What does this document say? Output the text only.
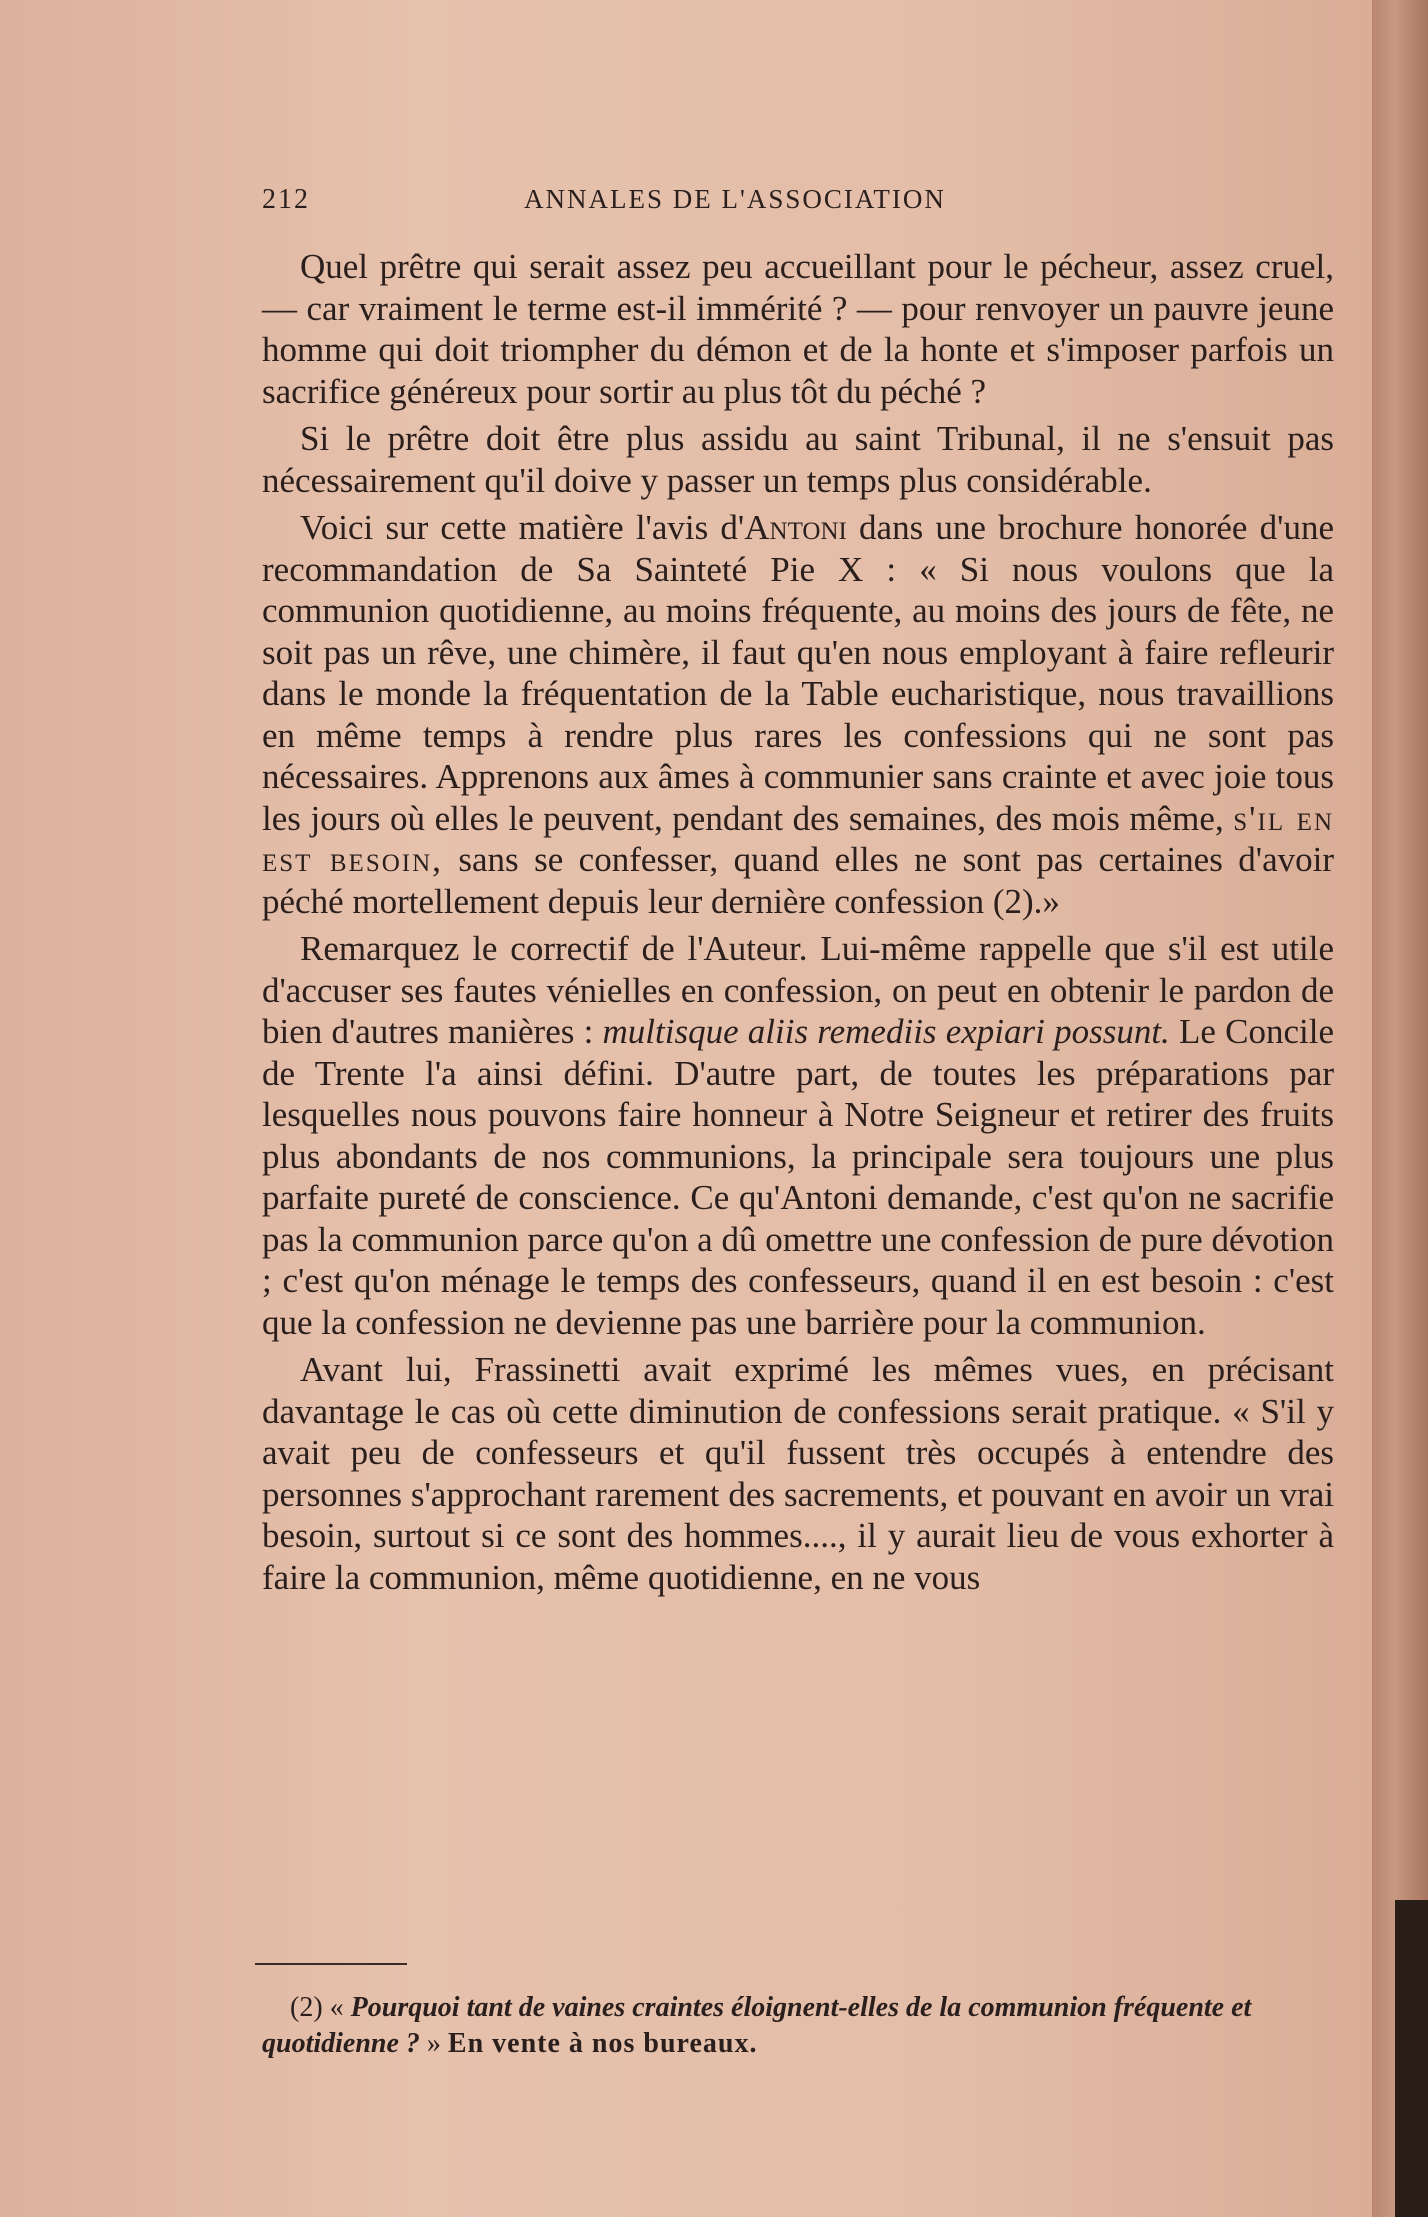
212	ANNALES DE L'ASSOCIATION

Quel prêtre qui serait assez peu accueillant pour le pécheur, assez cruel, — car vraiment le terme est-il immérité ? — pour renvoyer un pauvre jeune homme qui doit triompher du démon et de la honte et s'imposer parfois un sacrifice généreux pour sortir au plus tôt du péché ?

Si le prêtre doit être plus assidu au saint Tribunal, il ne s'ensuit pas nécessairement qu'il doive y passer un temps plus considérable.

Voici sur cette matière l'avis d'Antoni dans une brochure honorée d'une recommandation de Sa Sainteté Pie X : « Si nous voulons que la communion quotidienne, au moins fréquente, au moins des jours de fête, ne soit pas un rêve, une chimère, il faut qu'en nous employant à faire refleurir dans le monde la fréquentation de la Table eucharistique, nous travaillions en même temps à rendre plus rares les confessions qui ne sont pas nécessaires. Apprenons aux âmes à communier sans crainte et avec joie tous les jours où elles le peuvent, pendant des semaines, des mois même, s'il en est besoin, sans se confesser, quand elles ne sont pas certaines d'avoir péché mortellement depuis leur dernière confession (2).»

Remarquez le correctif de l'Auteur. Lui-même rappelle que s'il est utile d'accuser ses fautes vénielles en confession, on peut en obtenir le pardon de bien d'autres manières : multisque aliis remediis expiari possunt. Le Concile de Trente l'a ainsi défini. D'autre part, de toutes les préparations par lesquelles nous pouvons faire honneur à Notre Seigneur et retirer des fruits plus abondants de nos communions, la principale sera toujours une plus parfaite pureté de conscience. Ce qu'Antoni demande, c'est qu'on ne sacrifie pas la communion parce qu'on a dû omettre une confession de pure dévotion ; c'est qu'on ménage le temps des confesseurs, quand il en est besoin : c'est que la confession ne devienne pas une barrière pour la communion.

Avant lui, Frassinetti avait exprimé les mêmes vues, en précisant davantage le cas où cette diminution de confessions serait pratique. « S'il y avait peu de confesseurs et qu'il fussent très occupés à entendre des personnes s'approchant rarement des sacrements, et pouvant en avoir un vrai besoin, surtout si ce sont des hommes...., il y aurait lieu de vous exhorter à faire la communion, même quotidienne, en ne vous

(2) « Pourquoi tant de vaines craintes éloignent-elles de la communion fréquente et quotidienne ? » En vente à nos bureaux.
